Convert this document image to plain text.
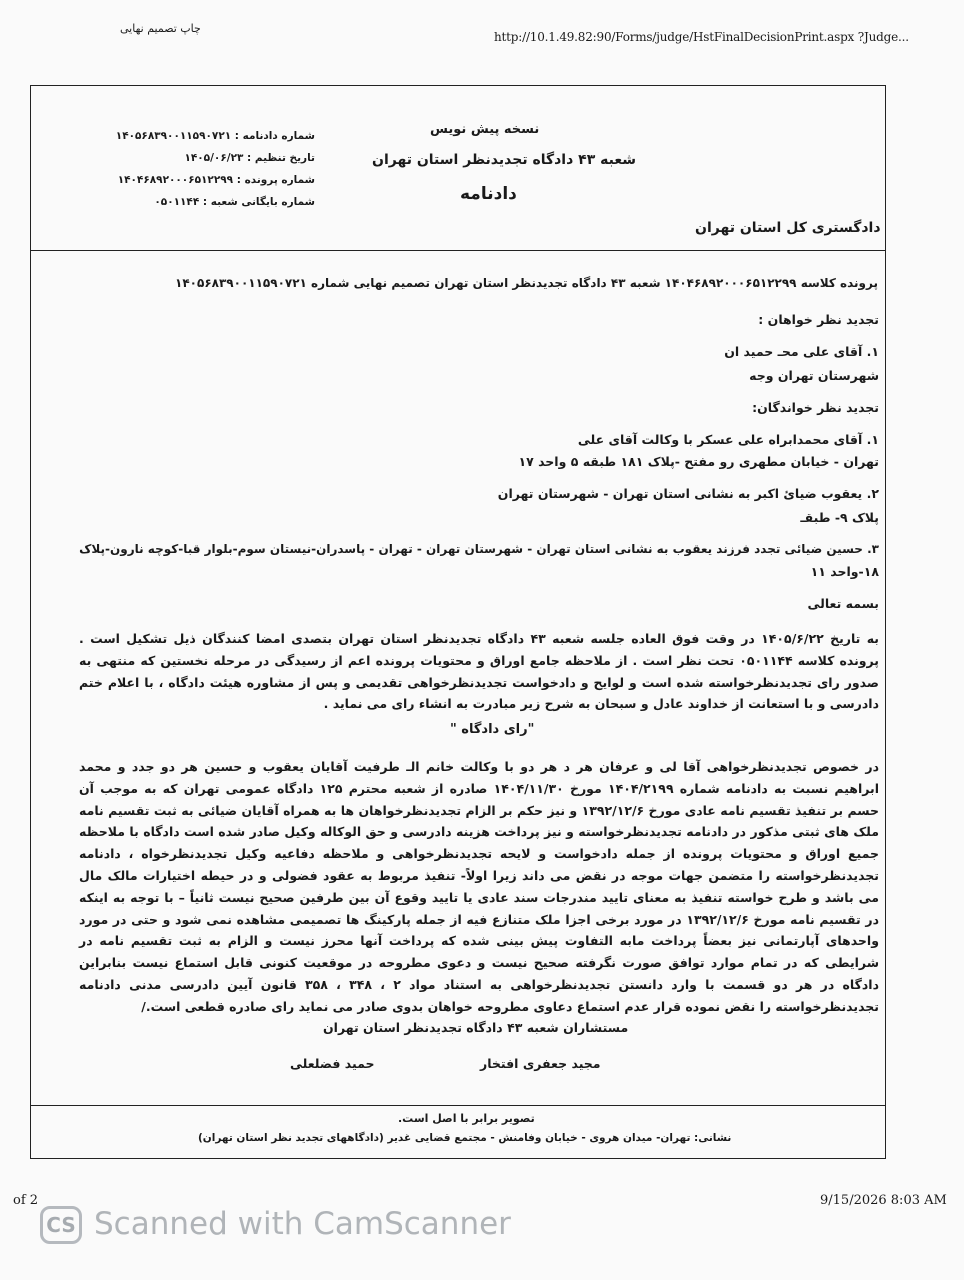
چاپ تصمیم نهایی
http://10.1.49.82:90/Forms/judge/HstFinalDecisionPrint.aspx ?Judge...
نسخه پیش نویس
شعبه ۴۳ دادگاه تجدیدنظر استان تهران
دادنامه
دادگستری کل استان تهران
شماره دادنامه : ۱۴۰۵۶۸۳۹۰۰۱۱۵۹۰۷۲۱
تاریخ تنظیم : ۱۴۰۵/۰۶/۲۳
شماره پرونده : ۱۴۰۴۶۸۹۲۰۰۰۶۵۱۲۲۹۹
شماره بایگانی شعبه : ۰۵۰۱۱۴۴
پرونده کلاسه ۱۴۰۴۶۸۹۲۰۰۰۶۵۱۲۲۹۹ شعبه ۴۳ دادگاه تجدیدنظر استان تهران تصمیم نهایی شماره ۱۴۰۵۶۸۳۹۰۰۱۱۵۹۰۷۲۱
تجدید نظر خواهان :
۱. آقای علی محـ حمید ان
شهرستان تهران وجه
تجدید نظر خواندگان:
۱. آقای محمدابراه علی عسکر با وکالت آقای علی
تهران - خیابان مطهری رو مفتح -پلاک ۱۸۱ طبقه ۵ واحد ۱۷
۲. یعقوب ضیائ اکبر به نشانی استان تهران - شهرستان تهران
پلاک ۹- طبقـ
۳. حسین ضیائی تجدد فرزند یعقوب به نشانی استان تهران - شهرستان تهران - تهران - پاسدران-نیستان سوم-بلوار قبا-کوچه نارون-پلاک
۱۸-واحد ۱۱
بسمه تعالی
به تاریخ ۱۴۰۵/۶/۲۲ در وقت فوق العاده جلسه شعبه ۴۳ دادگاه تجدیدنظر استان تهران بتصدی امضا کنندگان ذیل تشکیل است . پرونده کلاسه ۰۵۰۱۱۴۴ تحت نظر است . از ملاحظه جامع اوراق و محتویات پرونده اعم از رسیدگی در مرحله نخستین که منتهی به صدور رای تجدیدنظرخواسته شده است و لوایح و دادخواست تجدیدنظرخواهی تقدیمی و پس از مشاوره هیئت دادگاه ، با اعلام ختم دادرسی و با استعانت از خداوند عادل و سبحان به شرح زیر مبادرت به انشاء رای می نماید .
"رای دادگاه "
در خصوص تجدیدنظرخواهی آقا لی و عرفان هر د هر دو با وکالت خانم الـ طرفیت آقایان یعقوب و حسین هر دو جدد و محمد ابراهیم نسبت به دادنامه شماره ۱۴۰۴/۲۱۹۹ مورخ ۱۴۰۴/۱۱/۳۰ صادره از شعبه محترم ۱۲۵ دادگاه عمومی تهران که به موجب آن حسم بر تنفیذ تقسیم نامه عادی مورخ ۱۳۹۲/۱۲/۶ و نیز حکم بر الزام تجدیدنظرخواهان ها به همراه آقایان ضیائی به ثبت تقسیم نامه ملک های ثبتی مذکور در دادنامه تجدیدنظرخواسته و نیز پرداخت هزینه دادرسی و حق الوکاله وکیل صادر شده است دادگاه با ملاحظه جمیع اوراق و محتویات پرونده از جمله دادخواست و لایحه تجدیدنظرخواهی و ملاحظه دفاعیه وکیل تجدیدنظرخواه ، دادنامه تجدیدنظرخواسته را متضمن جهات موجه در نقض می داند زیرا اولاً- تنفیذ مربوط به عقود فضولی و در حیطه اختیارات مالک مال می باشد و طرح خواسته تنفیذ به معنای تایید مندرجات سند عادی یا تایید وقوع آن بین طرفین صحیح نیست ثانیاً – با توجه به اینکه در تقسیم نامه مورخ ۱۳۹۲/۱۲/۶ در مورد برخی اجزا ملک متنازع فیه از جمله پارکینگ ها تصمیمی مشاهده نمی شود و حتی در مورد واحدهای آپارتمانی نیز بعضاً پرداخت مابه التفاوت پیش بینی شده که پرداخت آنها محرز نیست و الزام به ثبت تقسیم نامه در شرایطی که در تمام موارد توافق صورت نگرفته صحیح نیست و دعوی مطروحه در موقعیت کنونی قابل استماع نیست بنابراین دادگاه در هر دو قسمت با وارد دانستن تجدیدنظرخواهی به استناد مواد ۲ ، ۳۴۸ ، ۳۵۸ قانون آیین دادرسی مدنی دادنامه تجدیدنظرخواسته را نقض نموده قرار عدم استماع دعاوی مطروحه خواهان بدوی صادر می نماید رای صادره قطعی است./
مستشاران شعبه ۴۳ دادگاه تجدیدنظر استان تهران
مجید جعفری افتخار
حمید فضلعلی
تصویر برابر با اصل است.
نشانی: تهران- میدان هروی - خیابان وفامنش - مجتمع قضایی غدیر (دادگاههای تجدید نظر استان تهران)
of 2	9/15/2026 8:03 AM
CS Scanned with CamScanner
